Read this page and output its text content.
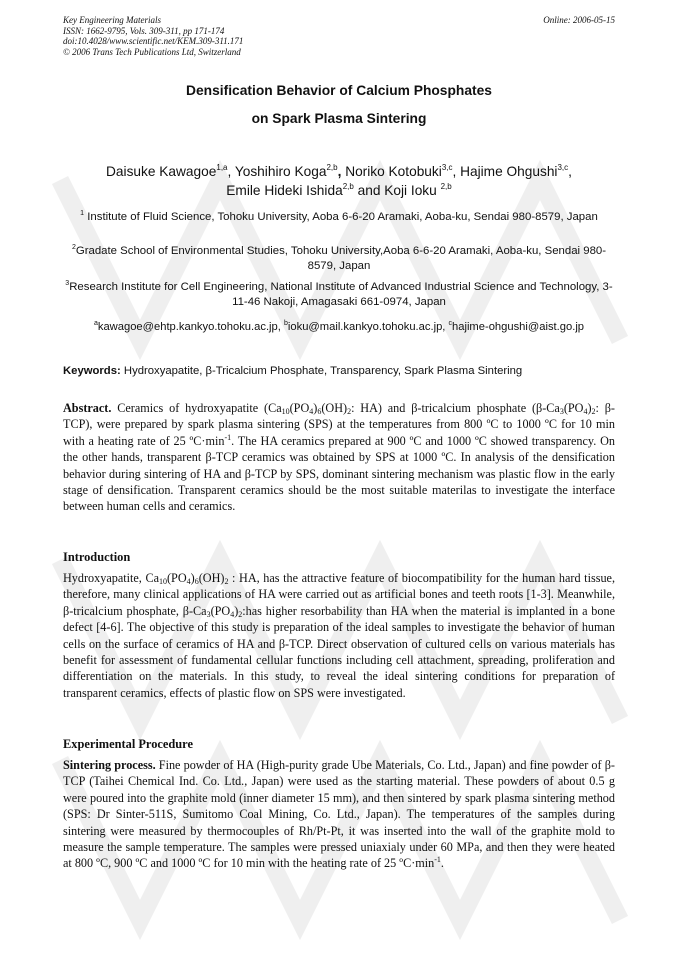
Key Engineering Materials
ISSN: 1662-9795, Vols. 309-311, pp 171-174
doi:10.4028/www.scientific.net/KEM.309-311.171
© 2006 Trans Tech Publications Ltd, Switzerland
Online: 2006-05-15
Densification Behavior of Calcium Phosphates
on Spark Plasma Sintering
Daisuke Kawagoe$^{1,a}$, Yoshihiro Koga$^{2,b}$, Noriko Kotobuki$^{3,c}$, Hajime Ohgushi$^{3,c}$,
Emile Hideki Ishida$^{2,b}$ and Koji Ioku $^{2,b}$
$^1$ Institute of Fluid Science, Tohoku University, Aoba 6-6-20 Aramaki, Aoba-ku, Sendai 980-8579, Japan
$^2$Gradate School of Environmental Studies, Tohoku University,Aoba 6-6-20 Aramaki, Aoba-ku, Sendai 980-8579, Japan
$^3$Research Institute for Cell Engineering, National Institute of Advanced Industrial Science and Technology, 3-11-46 Nakoji, Amagasaki 661-0974, Japan
$^a$kawagoe@ehtp.kankyo.tohoku.ac.jp, $^b$ioku@mail.kankyo.tohoku.ac.jp, $^c$hajime-ohgushi@aist.go.jp
Keywords: Hydroxyapatite, β-Tricalcium Phosphate, Transparency, Spark Plasma Sintering
Abstract. Ceramics of hydroxyapatite ($Ca_{10}(PO_4)_6(OH)_2$: HA) and β-tricalcium phosphate ($\beta-Ca_3(PO_4)_2$: β-TCP), were prepared by spark plasma sintering (SPS) at the temperatures from 800 ºC to 1000 ºC for 10 min with a heating rate of 25 $ºC\cdot\min^{-1}$. The HA ceramics prepared at 900 ºC and 1000 ºC showed transparency. On the other hands, transparent β-TCP ceramics was obtained by SPS at 1000 ºC. In analysis of the densification behavior during sintering of HA and β-TCP by SPS, dominant sintering mechanism was plastic flow in the early stage of densification. Transparent ceramics should be the most suitable materilas to investigate the interface between human cells and ceramics.
Introduction
Hydroxyapatite, $Ca_{10}(PO_4)_6(OH)_2$ : HA, has the attractive feature of biocompatibility for the human hard tissue, therefore, many clinical applications of HA were carried out as artificial bones and teeth roots [1-3]. Meanwhile, β-tricalcium phosphate, $\beta-Ca_3(PO_4)_2:has$ higher resorbability than HA when the material is implanted in a bone defect [4-6]. The objective of this study is preparation of the ideal samples to investigate the behavior of human cells on the surface of ceramics of HA and β-TCP. Direct observation of cultured cells on various materials has benefit for assessment of fundamental cellular functions including cell attachment, spreading, proliferation and differentiation on the materials. In this study, to reveal the ideal sintering conditions for preparation of transparent ceramics, effects of plastic flow on SPS were investigated.
Experimental Procedure
Sintering process. Fine powder of HA (High-purity grade Ube Materials, Co. Ltd., Japan) and fine powder of β-TCP (Taihei Chemical Ind. Co. Ltd., Japan) were used as the starting material. These powders of about 0.5 g were poured into the graphite mold (inner diameter 15 mm), and then sintered by spark plasma sintering method (SPS: Dr Sinter-511S, Sumitomo Coal Mining, Co. Ltd., Japan). The temperatures of the samples during sintering were measured by thermocouples of Rh/Pt-Pt, it was inserted into the wall of the graphite mold to measure the sample temperature. The samples were pressed uniaxialy under 60 MPa, and then they were heated at 800 ºC, 900 ºC and 1000 ºC for 10 min with the heating rate of 25 $ºC\cdot\min^{-1}$.
